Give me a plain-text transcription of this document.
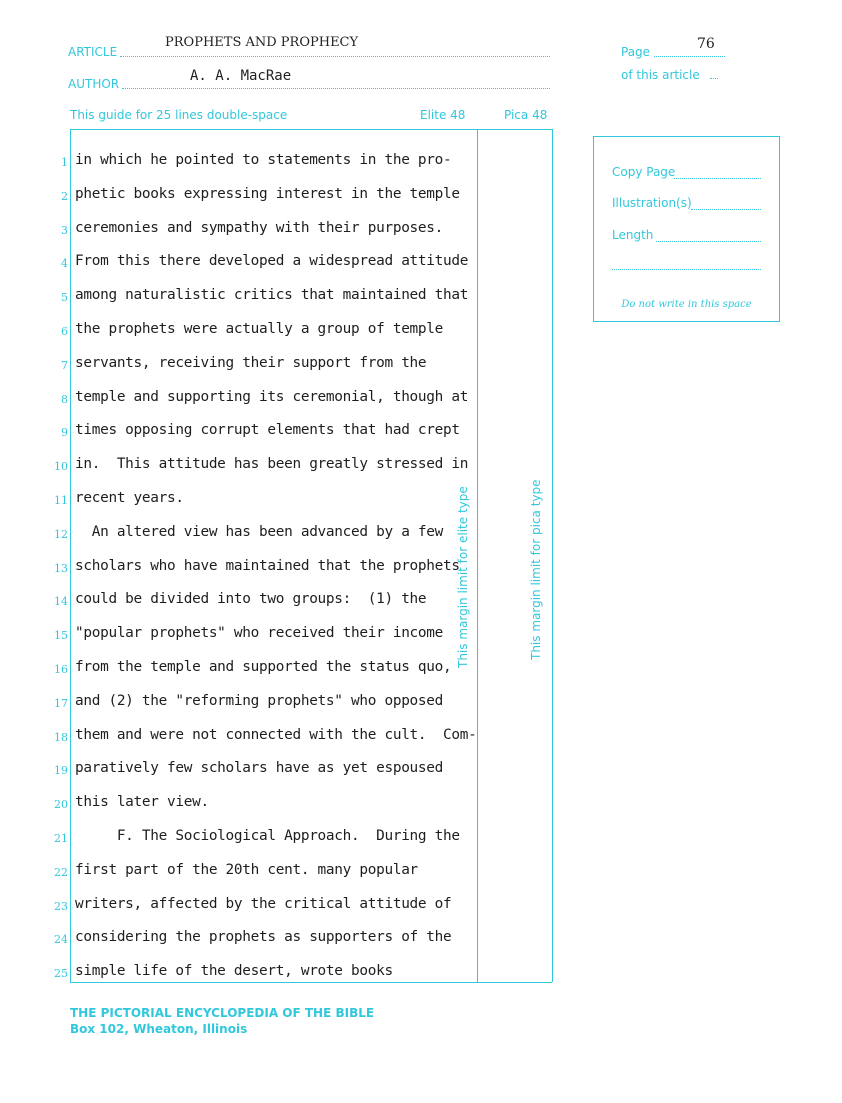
ARTICLE
PROPHETS AND PROPHECY
AUTHOR	A. A. MacRae
Page	76
of this article
This guide for 25 lines double-space	Elite 48	Pica 48
This margin limit for elite type	This margin limit for pica type
1 in which he pointed to statements in the pro-
2 phetic books expressing interest in the temple
3 ceremonies and sympathy with their purposes.
4 From this there developed a widespread attitude
5 among naturalistic critics that maintained that
6 the prophets were actually a group of temple
7 servants, receiving their support from the
8 temple and supporting its ceremonial, though at
9 times opposing corrupt elements that had crept
10 in.  This attitude has been greatly stressed in
11 recent years.
12 An altered view has been advanced by a few
13 scholars who have maintained that the prophets
14 could be divided into two groups:  (1) the
15 "popular prophets" who received their income
16 from the temple and supported the status quo,
17 and (2) the "reforming prophets" who opposed
18 them and were not connected with the cult.  Com-
19 paratively few scholars have as yet espoused
20 this later view.
21 F. The Sociological Approach.  During the
22 first part of the 20th cent. many popular
23 writers, affected by the critical attitude of
24 considering the prophets as supporters of the
25 simple life of the desert, wrote books
Copy Page
Illustration(s)
Length
Do not write in this space
THE PICTORIAL ENCYCLOPEDIA OF THE BIBLE
Box 102, Wheaton, Illinois
